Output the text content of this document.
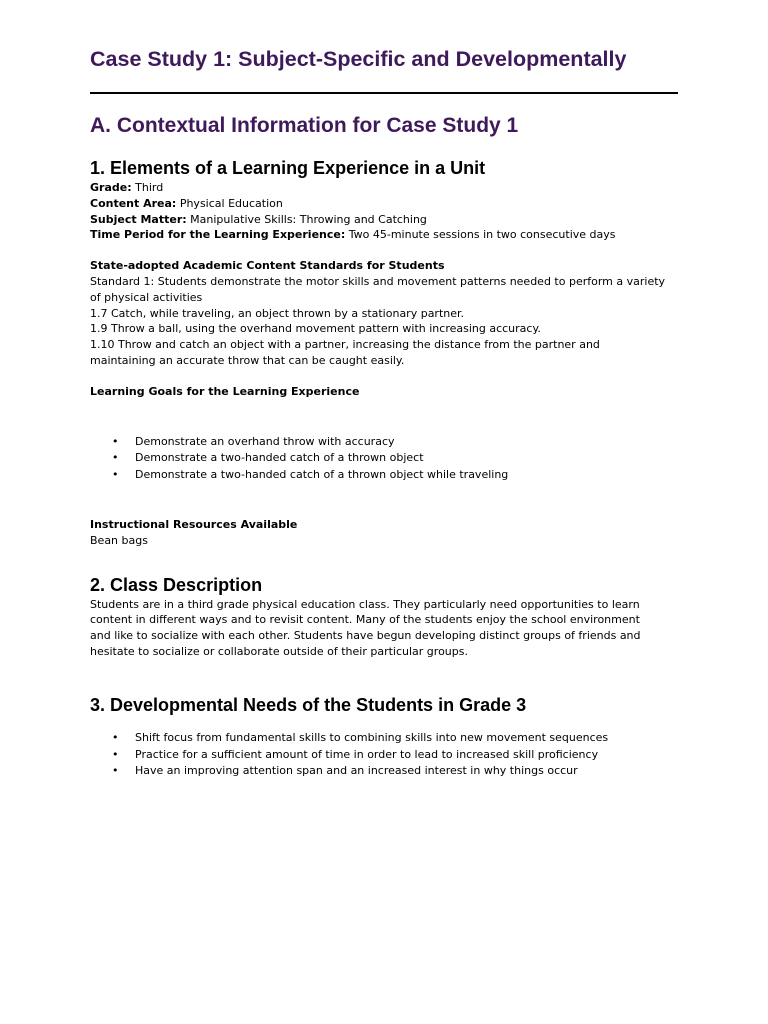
Case Study 1: Subject-Specific and Developmentally
A. Contextual Information for Case Study 1
1. Elements of a Learning Experience in a Unit
Grade: Third
Content Area: Physical Education
Subject Matter: Manipulative Skills: Throwing and Catching
Time Period for the Learning Experience: Two 45-minute sessions in two consecutive days
State-adopted Academic Content Standards for Students
Standard 1: Students demonstrate the motor skills and movement patterns needed to perform a variety
of physical activities
1.7 Catch, while traveling, an object thrown by a stationary partner.
1.9 Throw a ball, using the overhand movement pattern with increasing accuracy.
1.10 Throw and catch an object with a partner, increasing the distance from the partner and
maintaining an accurate throw that can be caught easily.
Learning Goals for the Learning Experience
• Demonstrate an overhand throw with accuracy
• Demonstrate a two-handed catch of a thrown object
• Demonstrate a two-handed catch of a thrown object while traveling
Instructional Resources Available
Bean bags
2. Class Description
Students are in a third grade physical education class. They particularly need opportunities to learn
content in different ways and to revisit content. Many of the students enjoy the school environment
and like to socialize with each other. Students have begun developing distinct groups of friends and
hesitate to socialize or collaborate outside of their particular groups.
3. Developmental Needs of the Students in Grade 3
• Shift focus from fundamental skills to combining skills into new movement sequences
• Practice for a sufficient amount of time in order to lead to increased skill proficiency
• Have an improving attention span and an increased interest in why things occur
